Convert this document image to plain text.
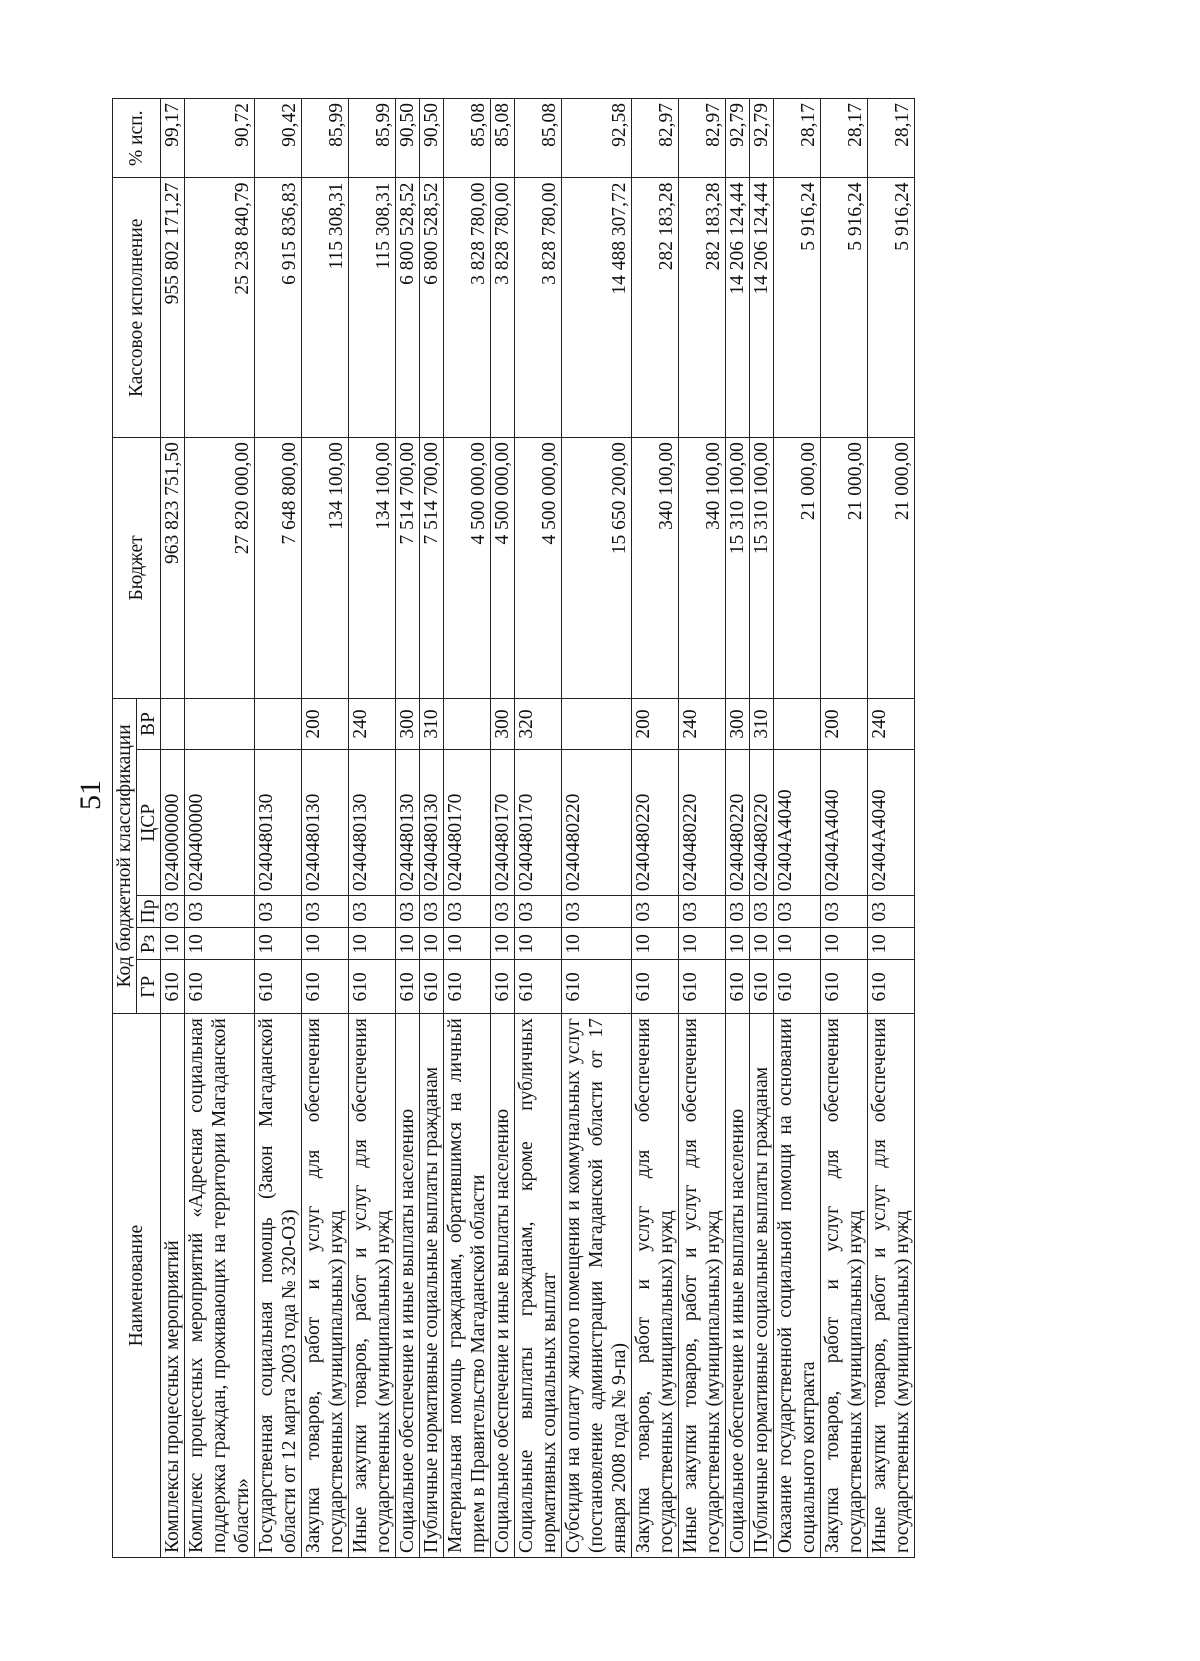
51
Наименование	Код бюджетной классификации					Бюджет	Кассовое исполнение	% исп.
	ГР	Рз	Пр	ЦСР	ВР			
Комплексы процессных мероприятий	610	10	03	0240000000		963 823 751,50	955 802 171,27	99,17
Комплекс процессных мероприятий «Адресная социальная поддержка граждан, проживающих на территории Магаданской области»	610	10	03	0240400000		27 820 000,00	25 238 840,79	90,72
Государственная социальная помощь (Закон Магаданской области от 12 марта 2003 года № 320-ОЗ)	610	10	03	0240480130		7 648 800,00	6 915 836,83	90,42
Закупка товаров, работ и услуг для обеспечения государственных (муниципальных) нужд	610	10	03	0240480130	200	134 100,00	115 308,31	85,99
Иные закупки товаров, работ и услуг для обеспечения государственных (муниципальных) нужд	610	10	03	0240480130	240	134 100,00	115 308,31	85,99
Социальное обеспечение и иные выплаты населению	610	10	03	0240480130	300	7 514 700,00	6 800 528,52	90,50
Публичные нормативные социальные выплаты гражданам	610	10	03	0240480130	310	7 514 700,00	6 800 528,52	90,50
Материальная помощь гражданам, обратившимся на личный прием в Правительство Магаданской области	610	10	03	0240480170		4 500 000,00	3 828 780,00	85,08
Социальное обеспечение и иные выплаты населению	610	10	03	0240480170	300	4 500 000,00	3 828 780,00	85,08
Социальные выплаты гражданам, кроме публичных нормативных социальных выплат	610	10	03	0240480170	320	4 500 000,00	3 828 780,00	85,08
Субсидия на оплату жилого помещения и коммунальных услуг (постановление администрации Магаданской области от 17 января 2008 года № 9-па)	610	10	03	0240480220		15 650 200,00	14 488 307,72	92,58
Закупка товаров, работ и услуг для обеспечения государственных (муниципальных) нужд	610	10	03	0240480220	200	340 100,00	282 183,28	82,97
Иные закупки товаров, работ и услуг для обеспечения государственных (муниципальных) нужд	610	10	03	0240480220	240	340 100,00	282 183,28	82,97
Социальное обеспечение и иные выплаты населению	610	10	03	0240480220	300	15 310 100,00	14 206 124,44	92,79
Публичные нормативные социальные выплаты гражданам	610	10	03	0240480220	310	15 310 100,00	14 206 124,44	92,79
Оказание государственной социальной помощи на основании социального контракта	610	10	03	02404А4040		21 000,00	5 916,24	28,17
Закупка товаров, работ и услуг для обеспечения государственных (муниципальных) нужд	610	10	03	02404А4040	200	21 000,00	5 916,24	28,17
Иные закупки товаров, работ и услуг для обеспечения государственных (муниципальных) нужд	610	10	03	02404А4040	240	21 000,00	5 916,24	28,17
